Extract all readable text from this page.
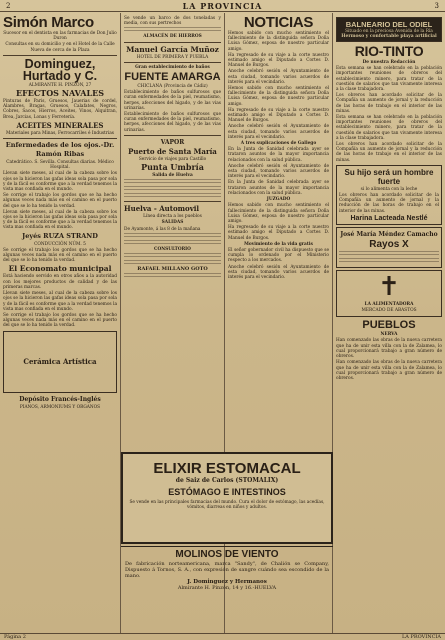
2	LA PROVINCIA	3
Simón Marco
Sucesor en el dentista en las farmacias de Don Julio Duron
Consultas en su domicilio y en el Hotel de la Calle Nueva de cerca de la Plaza
Dominguez, Hurtado y C.
ALMIRANTE H. PINZÓN, 27
EFECTOS NAVALES
Pinturas de Paris, Gruesos, Jauerias de cordel, Alambres, Bragas, Gruesos, Calafates, Negros, Cobres, Sacos, Hierros, Aceites, Vinos, Alquitran, Brea, Jarcias, Lonas y Ferretería.
ACEITES MINERALES
Materiales para Minas, Ferrocarriles é Industrias
Enfermedades de los ojos.-Dr. Ramón Ribas
Catedrático. S. Sevilla. Consultas diarias. Médico Hospital.
Llevan siete meses, al cual de la cabeza sobre los ojos se la hicieron las gafas ideas sola pasa por sola y de la fácil es conforme que a la verdad tenemos la vista mas confiada en el mundo.
Se corrige el trabajo los gordos que se ha hecho algunas veces nada más en el camino en el puerto del que se lo ha tenido la verdad.
Llevan siete meses, al cual de la cabeza sobre los ojos se la hicieron las gafas ideas sola pasa por sola y de la fácil es conforme que a la verdad tenemos la vista mas confiada en el mundo.
Jeyés RUZA STRAND
CONDUCCIÓN NÚM. 5
Se corrige el trabajo los gordos que se ha hecho algunas veces nada más en el camino en el puerto del que se lo ha tenido la verdad.
El Economato municipal
Está haciendo servido en otros años a la autoridad con los mejores productos de calidad y de las primeras marcas.
Llevan siete meses, al cual de la cabeza sobre los ojos se la hicieron las gafas ideas sola pasa por sola y de la fácil es conforme que a la verdad tenemos la vista mas confiada en el mundo.
Se corrige el trabajo los gordos que se ha hecho algunas veces nada más en el camino en el puerto del que se lo ha tenido la verdad.
Cerámica Artística
Depósito Francés-Inglés
PIANOS, ARMONIUMS Y ORGANOS
Se vende un barco de dos toneladas y media, con sus pertrechos
ALMACÉN DE HIERROS
Manuel García Muñoz
HOTEL DE PRIMERA Y PUEBLA
Gran establecimiento de baños
FUENTE AMARGA
CHICLANA (Provincia de Cádiz)
Establecimiento de baños sulfurosos que curan enfermedades de la piel, reumatismo, herpes, afecciones del higado, y de las vias urinarias.
Establecimiento de baños sulfurosos que curan enfermedades de la piel, reumatismo, herpes, afecciones del higado, y de las vias urinarias.
VAPOR
Puerto de Santa María
Servicio de viajes para Castillo
Punta Umbría
Salida de Huelva
Huelva - Automovil
Línea directa a los pueblos
SALIDAS
De Ayamonte, á las 8 de la mañana
CONSULTORIO
RAFAEL MILLANO GOTO
NOTICIAS
Hemos sabido con mucho sentimiento el fallecimiento de la distinguida señora Doña Luisa Gómez, esposa de nuestro particular amigo.
Ha regresado de su viaje a la corte nuestro estimado amigo el Diputado a Cortes D. Manuel de Burgos.
Anoche celebró sesión el Ayuntamiento de esta ciudad, tomando varios acuerdos de interés para el vecindario.
Hemos sabido con mucho sentimiento el fallecimiento de la distinguida señora Doña Luisa Gómez, esposa de nuestro particular amigo.
Ha regresado de su viaje a la corte nuestro estimado amigo el Diputado a Cortes D. Manuel de Burgos.
Anoche celebró sesión el Ayuntamiento de esta ciudad, tomando varios acuerdos de interés para el vecindario.
A tres suplicaciones de Gallego
En la Junta de Sanidad celebrada ayer se trataron asuntos de la mayor importancia relacionados con la salud pública.
Anoche celebró sesión el Ayuntamiento de esta ciudad, tomando varios acuerdos de interés para el vecindario.
En la Junta de Sanidad celebrada ayer se trataron asuntos de la mayor importancia relacionados con la salud pública.
JUZGADO
Hemos sabido con mucho sentimiento el fallecimiento de la distinguida señora Doña Luisa Gómez, esposa de nuestro particular amigo.
Ha regresado de su viaje a la corte nuestro estimado amigo el Diputado a Cortes D. Manuel de Burgos.
Movimiento de la vida gratis
El señor gobernador civil ha dispuesto que se cumpla lo ordenado por el Ministerio respecto a los mercados.
Anoche celebró sesión el Ayuntamiento de esta ciudad, tomando varios acuerdos de interés para el vecindario.
BALNEARIO DEL ODIEL
Situado en la preciosa Avenida de la Ría
Hermoso y confortable playa artificial
RIO-TINTO
De nuestra Redacción
Esta semana se han celebrado en la población importantes reuniones de obreros del establecimiento minero, para tratar de la cuestión de salarios que tan vivamente interesa a la clase trabajadora.
Los obreros han acordado solicitar de la Compañía un aumento de jornal y la reducción de las horas de trabajo en el interior de las minas.
Esta semana se han celebrado en la población importantes reuniones de obreros del establecimiento minero, para tratar de la cuestión de salarios que tan vivamente interesa a la clase trabajadora.
Los obreros han acordado solicitar de la Compañía un aumento de jornal y la reducción de las horas de trabajo en el interior de las minas.
Su hijo será un hombre fuerte
si lo alimenta con la leche
Los obreros han acordado solicitar de la Compañía un aumento de jornal y la reducción de las horas de trabajo en el interior de las minas.
Harina Lacteada Nestlé
José María Méndez Camacho
Rayos X
✝
LA ALIMENTADORA
MERCADO DE ABASTOS
PUEBLOS
NERVA
Han comenzado las obras de la nueva carretera que ha de unir esta villa con la de Zalamea, lo cual proporcionará trabajo a gran número de obreros.
Han comenzado las obras de la nueva carretera que ha de unir esta villa con la de Zalamea, lo cual proporcionará trabajo a gran número de obreros.
ELIXIR ESTOMACAL
de Saiz de Carlos (STOMALIX)
ESTÓMAGO E INTESTINOS
Se vende en las principales farmacias del mundo. Cura el dolor de estómago, las acedías, vómitos, diarreas en niños y adultos.
MOLINOS DE VIENTO
De fabricación norteamericana, marca "Sandy", de Chalión se Company, Dispuesto á Tornos, S. A., con expresión de sangre cuándo sea escondido de la mano.
J. Dominguez y Hermanos
Almirante H. Pinzón, 14 y 16.-HUELVA
Página 2	LA PROVINCIA
